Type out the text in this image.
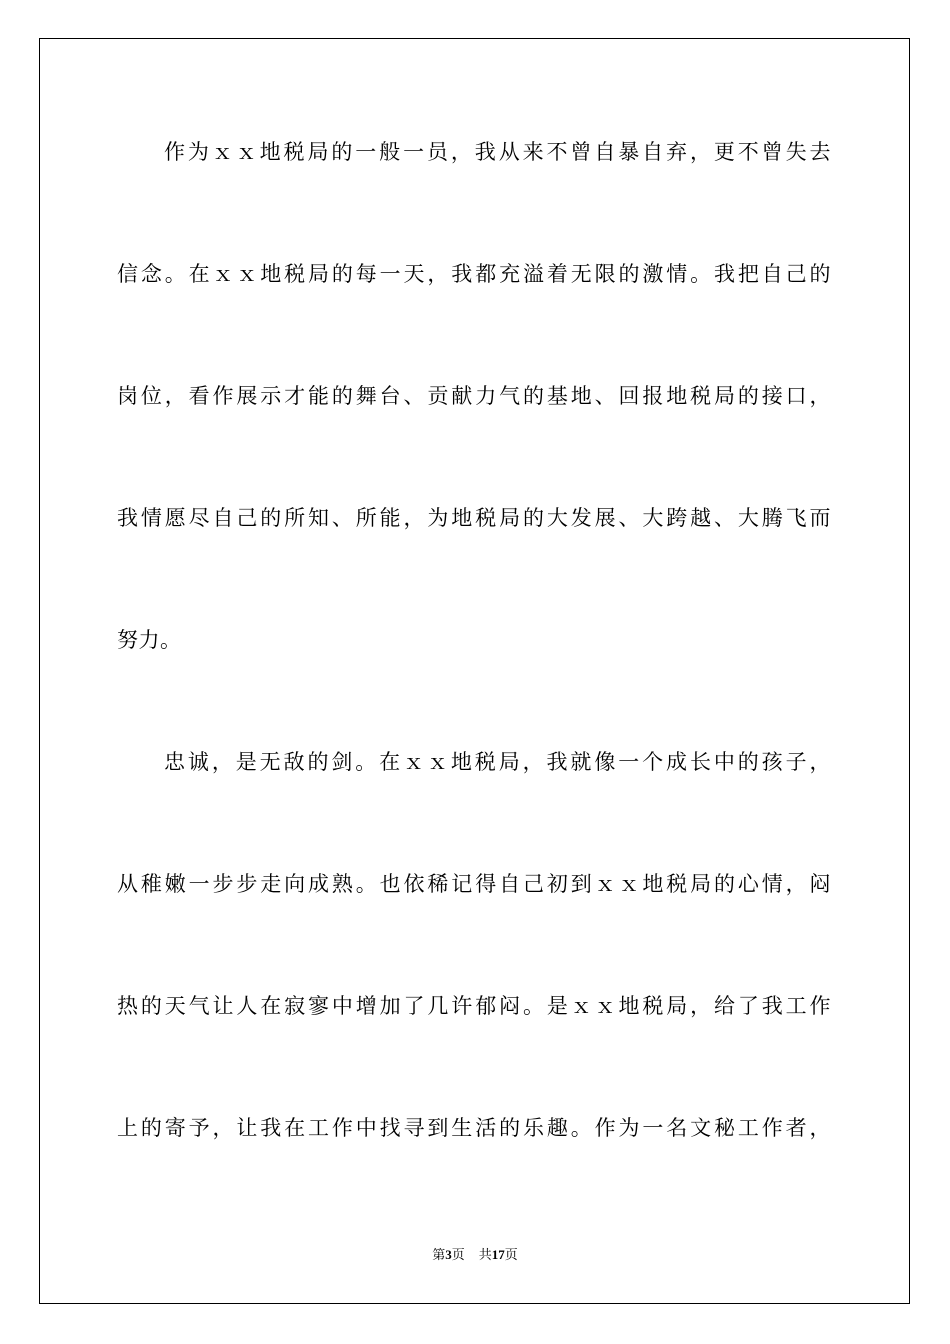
作为ｘｘ地税局的一般一员，我从来不曾自暴自弃，更不曾失去
信念。在ｘｘ地税局的每一天，我都充溢着无限的激情。我把自己的
岗位，看作展示才能的舞台、贡献力气的基地、回报地税局的接口，
我情愿尽自己的所知、所能，为地税局的大发展、大跨越、大腾飞而
努力。
忠诚，是无敌的剑。在ｘｘ地税局，我就像一个成长中的孩子，
从稚嫩一步步走向成熟。也依稀记得自己初到ｘｘ地税局的心情，闷
热的天气让人在寂寥中增加了几许郁闷。是ｘｘ地税局，给了我工作
上的寄予，让我在工作中找寻到生活的乐趣。作为一名文秘工作者，
第3页 共17页
